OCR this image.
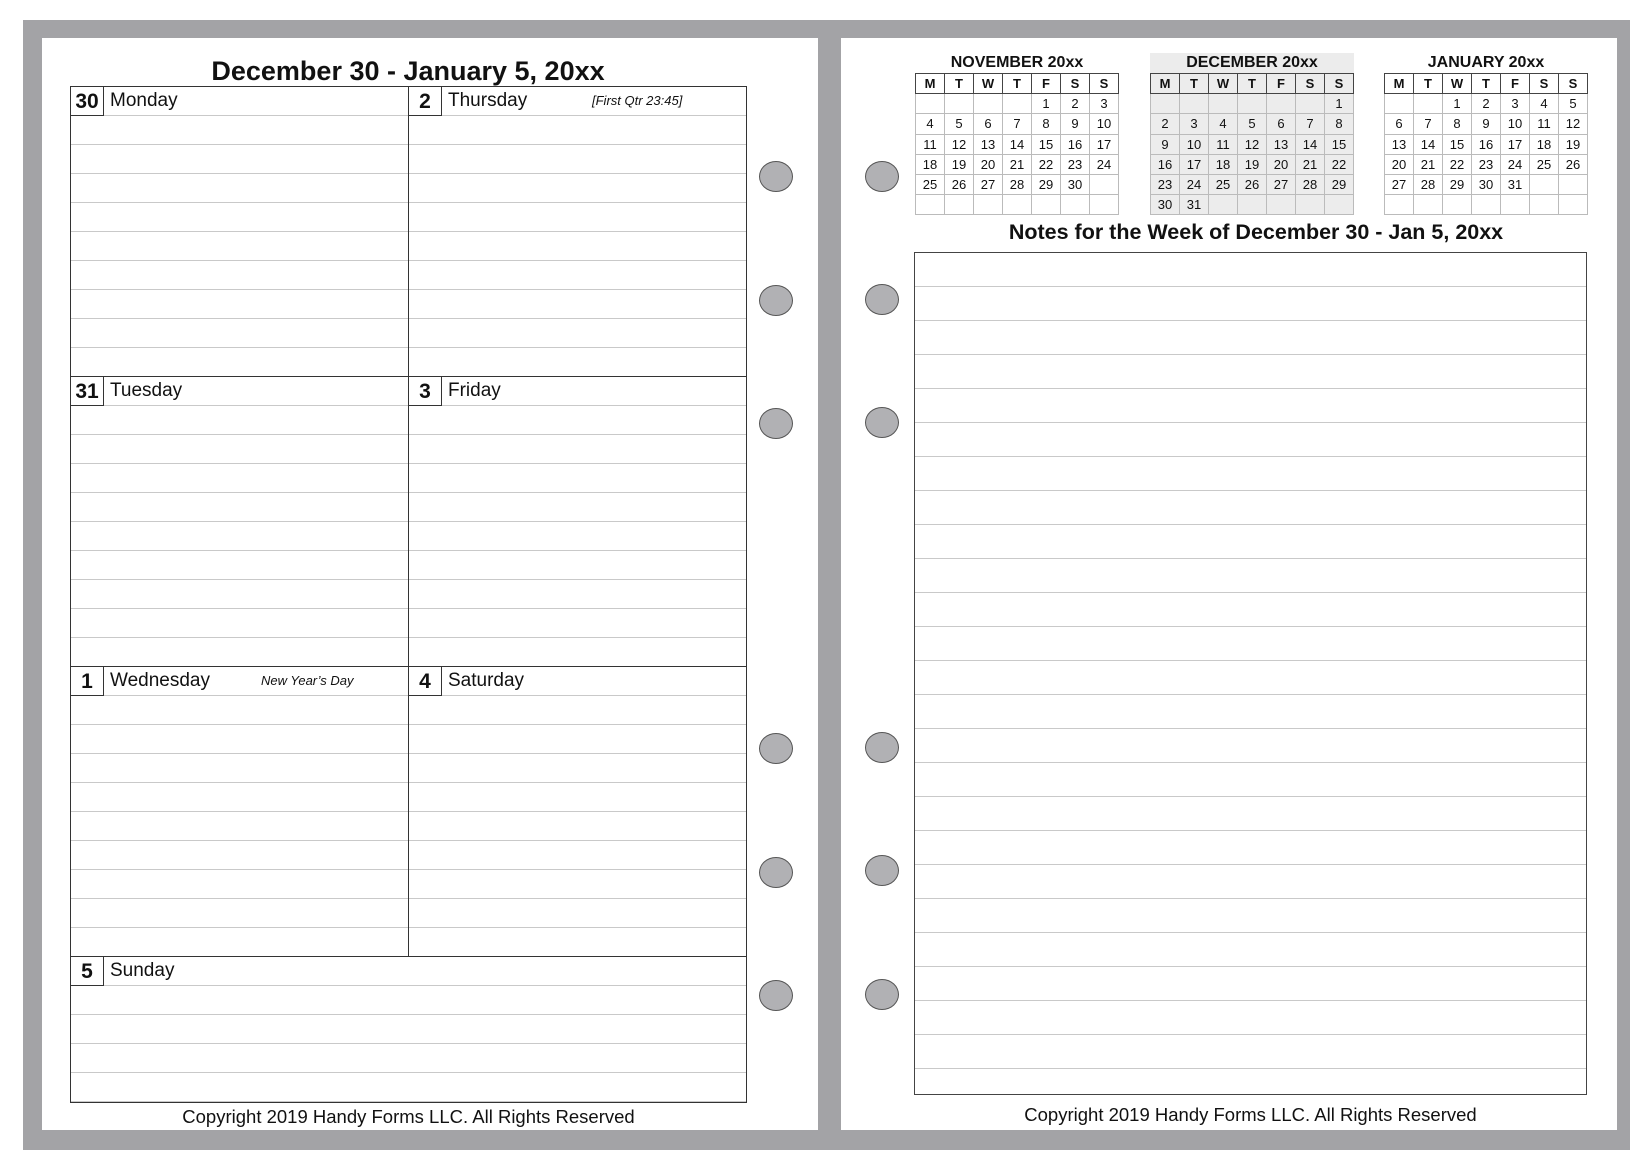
December 30 - January 5, 20xx
30 Monday	2 Thursday	[First Qtr 23:45]
31 Tuesday	3 Friday
1 Wednesday	New Year’s Day	4 Saturday
5 Sunday
Copyright 2019 Handy Forms LLC. All Rights Reserved
NOVEMBER 20xx
M	T	W	T	F	S	S
				1	2	3
4	5	6	7	8	9	10
11	12	13	14	15	16	17
18	19	20	21	22	23	24
25	26	27	28	29	30	

DECEMBER 20xx
M	T	W	T	F	S	S
						1
2	3	4	5	6	7	8
9	10	11	12	13	14	15
16	17	18	19	20	21	22
23	24	25	26	27	28	29
30	31					
JANUARY 20xx
M	T	W	T	F	S	S
		1	2	3	4	5
6	7	8	9	10	11	12
13	14	15	16	17	18	19
20	21	22	23	24	25	26
27	28	29	30	31		

Notes for the Week of December 30 - Jan 5, 20xx
Copyright 2019 Handy Forms LLC. All Rights Reserved
